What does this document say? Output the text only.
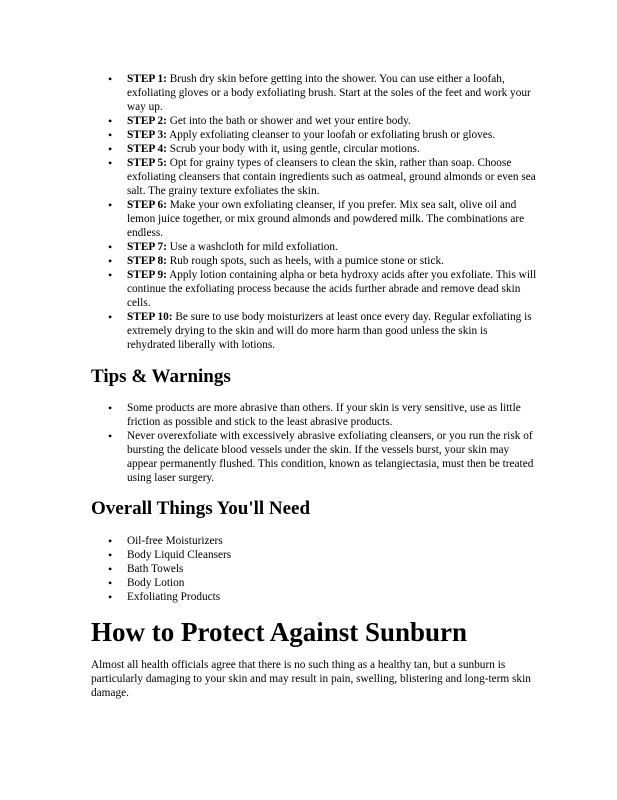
• STEP 1: Brush dry skin before getting into the shower. You can use either a loofah, exfoliating gloves or a body exfoliating brush. Start at the soles of the feet and work your way up.
• STEP 2: Get into the bath or shower and wet your entire body.
• STEP 3: Apply exfoliating cleanser to your loofah or exfoliating brush or gloves.
• STEP 4: Scrub your body with it, using gentle, circular motions.
• STEP 5: Opt for grainy types of cleansers to clean the skin, rather than soap. Choose exfoliating cleansers that contain ingredients such as oatmeal, ground almonds or even sea salt. The grainy texture exfoliates the skin.
• STEP 6: Make your own exfoliating cleanser, if you prefer. Mix sea salt, olive oil and lemon juice together, or mix ground almonds and powdered milk. The combinations are endless.
• STEP 7: Use a washcloth for mild exfoliation.
• STEP 8: Rub rough spots, such as heels, with a pumice stone or stick.
• STEP 9: Apply lotion containing alpha or beta hydroxy acids after you exfoliate. This will continue the exfoliating process because the acids further abrade and remove dead skin cells.
• STEP 10: Be sure to use body moisturizers at least once every day. Regular exfoliating is extremely drying to the skin and will do more harm than good unless the skin is rehydrated liberally with lotions.
Tips & Warnings
• Some products are more abrasive than others. If your skin is very sensitive, use as little friction as possible and stick to the least abrasive products.
• Never overexfoliate with excessively abrasive exfoliating cleansers, or you run the risk of bursting the delicate blood vessels under the skin. If the vessels burst, your skin may appear permanently flushed. This condition, known as telangiectasia, must then be treated using laser surgery.
Overall Things You'll Need
• Oil-free Moisturizers
• Body Liquid Cleansers
• Bath Towels
• Body Lotion
• Exfoliating Products
How to Protect Against Sunburn

Almost all health officials agree that there is no such thing as a healthy tan, but a sunburn is particularly damaging to your skin and may result in pain, swelling, blistering and long-term skin damage.
